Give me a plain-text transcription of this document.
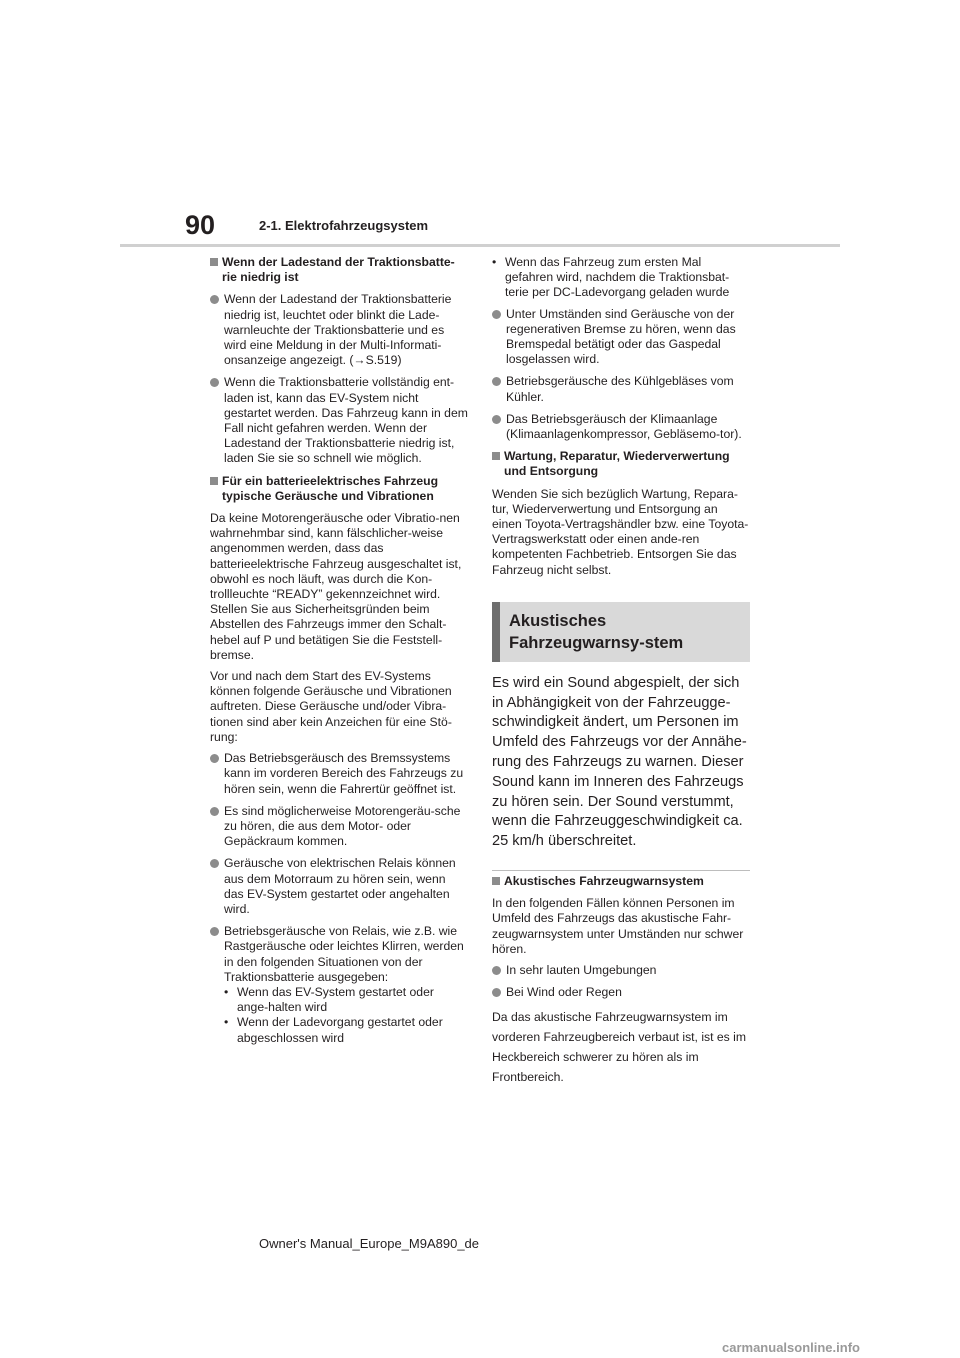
90	2-1. Elektrofahrzeugsystem
Wenn der Ladestand der Traktionsbatte-rie niedrig ist
Wenn der Ladestand der Traktionsbatterie niedrig ist, leuchtet oder blinkt die Lade-warnleuchte der Traktionsbatterie und es wird eine Meldung in der Multi-Informati-onsanzeige angezeigt. (→S.519)
Wenn die Traktionsbatterie vollständig ent-laden ist, kann das EV-System nicht gestartet werden. Das Fahrzeug kann in dem Fall nicht gefahren werden. Wenn der Ladestand der Traktionsbatterie niedrig ist, laden Sie sie so schnell wie möglich.
Für ein batterieelektrisches Fahrzeug typische Geräusche und Vibrationen

Da keine Motorengeräusche oder Vibratio-nen wahrnehmbar sind, kann fälschlicher-weise angenommen werden, dass das batterieelektrische Fahrzeug ausgeschaltet ist, obwohl es noch läuft, was durch die Kon-trollleuchte “READY” gekennzeichnet wird. Stellen Sie aus Sicherheitsgründen beim Abstellen des Fahrzeugs immer den Schalt-hebel auf P und betätigen Sie die Feststell-bremse.

Vor und nach dem Start des EV-Systems können folgende Geräusche und Vibrationen auftreten. Diese Geräusche und/oder Vibra-tionen sind aber kein Anzeichen für eine Stö-rung:

Das Betriebsgeräusch des Bremssystems kann im vorderen Bereich des Fahrzeugs zu hören sein, wenn die Fahrertür geöffnet ist.
Es sind möglicherweise Motorengeräu-sche zu hören, die aus dem Motor- oder Gepäckraum kommen.
Geräusche von elektrischen Relais können aus dem Motorraum zu hören sein, wenn das EV-System gestartet oder angehalten wird.
Betriebsgeräusche von Relais, wie z.B. wie Rastgeräusche oder leichtes Klirren, werden in den folgenden Situationen von der Traktionsbatterie ausgegeben:
• Wenn das EV-System gestartet oder ange-halten wird
• Wenn der Ladevorgang gestartet oder abgeschlossen wird
• Wenn das Fahrzeug zum ersten Mal gefahren wird, nachdem die Traktionsbat-terie per DC-Ladevorgang geladen wurde
Unter Umständen sind Geräusche von der regenerativen Bremse zu hören, wenn das Bremspedal betätigt oder das Gaspedal losgelassen wird.
Betriebsgeräusche des Kühlgebläses vom Kühler.
Das Betriebsgeräusch der Klimaanlage (Klimaanlagenkompressor, Gebläsemo-tor).
Wartung, Reparatur, Wiederverwertung und Entsorgung

Wenden Sie sich bezüglich Wartung, Repara-tur, Wiederverwertung und Entsorgung an einen Toyota-Vertragshändler bzw. eine Toyota-Vertragswerkstatt oder einen ande-ren kompetenten Fachbetrieb. Entsorgen Sie das Fahrzeug nicht selbst.

Akustisches Fahrzeugwarnsy-stem

Es wird ein Sound abgespielt, der sich in Abhängigkeit von der Fahrzeugge-schwindigkeit ändert, um Personen im Umfeld des Fahrzeugs vor der Annähe-rung des Fahrzeugs zu warnen. Dieser Sound kann im Inneren des Fahrzeugs zu hören sein. Der Sound verstummt, wenn die Fahrzeuggeschwindigkeit ca. 25 km/h überschreitet.

Akustisches Fahrzeugwarnsystem

In den folgenden Fällen können Personen im Umfeld des Fahrzeugs das akustische Fahr-zeugwarnsystem unter Umständen nur schwer hören.

In sehr lauten Umgebungen
Bei Wind oder Regen

Da das akustische Fahrzeugwarnsystem im vorderen Fahrzeugbereich verbaut ist, ist es im Heckbereich schwerer zu hören als im Frontbereich.

Owner's Manual_Europe_M9A890_de
carmanualsonline.info
